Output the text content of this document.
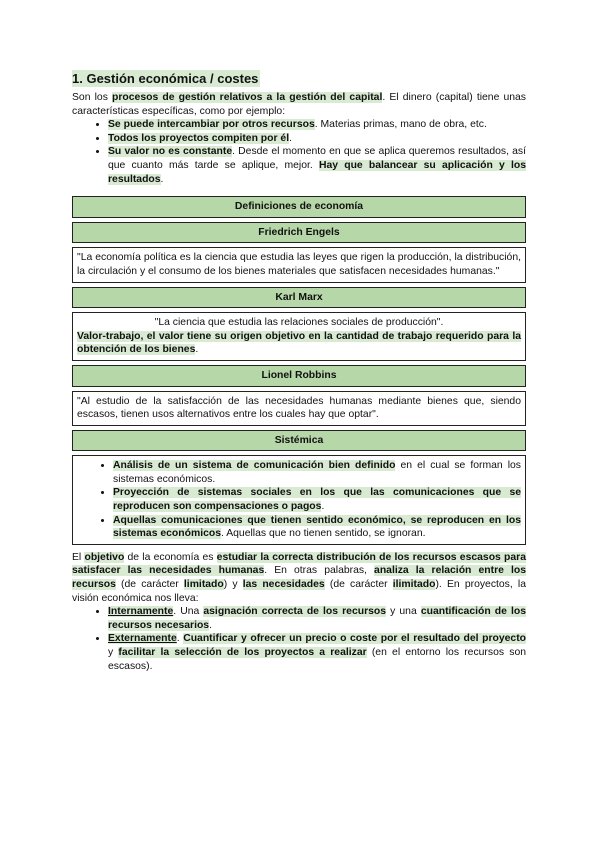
1. Gestión económica / costes

Son los procesos de gestión relativos a la gestión del capital. El dinero (capital) tiene unas características específicas, como por ejemplo:

• Se puede intercambiar por otros recursos. Materias primas, mano de obra, etc.
• Todos los proyectos compiten por él.
• Su valor no es constante. Desde el momento en que se aplica queremos resultados, así que cuanto más tarde se aplique, mejor. Hay que balancear su aplicación y los resultados.
Definiciones de economía
Friedrich Engels
"La economía política es la ciencia que estudia las leyes que rigen la producción, la distribución, la circulación y el consumo de los bienes materiales que satisfacen necesidades humanas."
Karl Marx

"La ciencia que estudia las relaciones sociales de producción".
Valor-trabajo, el valor tiene su origen objetivo en la cantidad de trabajo requerido para la obtención de los bienes.

Lionel Robbins
"Al estudio de la satisfacción de las necesidades humanas mediante bienes que, siendo escasos, tienen usos alternativos entre los cuales hay que optar".
Sistémica

• Análisis de un sistema de comunicación bien definido en el cual se forman los sistemas económicos.
• Proyección de sistemas sociales en los que las comunicaciones que se reproducen son compensaciones o pagos.
• Aquellas comunicaciones que tienen sentido económico, se reproducen en los sistemas económicos. Aquellas que no tienen sentido, se ignoran.

El objetivo de la economía es estudiar la correcta distribución de los recursos escasos para satisfacer las necesidades humanas. En otras palabras, analiza la relación entre los recursos (de carácter limitado) y las necesidades (de carácter ilimitado). En proyectos, la visión económica nos lleva:

• Internamente. Una asignación correcta de los recursos y una cuantificación de los recursos necesarios.
• Externamente. Cuantificar y ofrecer un precio o coste por el resultado del proyecto y facilitar la selección de los proyectos a realizar (en el entorno los recursos son escasos).
